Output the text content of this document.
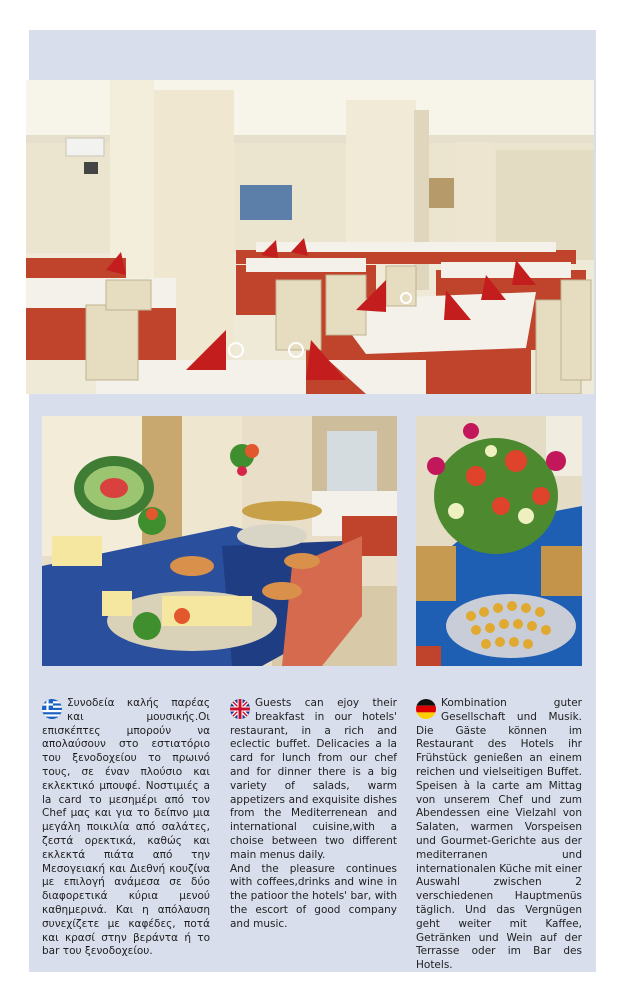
Συνοδεία καλής παρέας και μουσικής.Οι επισκέπτες μπορούν να απολαύσουν στο εστιατόριο του ξενοδοχείου το πρωινό τους, σε έναν πλούσιο και εκλεκτικό μπουφέ. Νοστιμιές a la card το μεσημέρι από τον Chef μας και για το δείπνο μια μεγάλη ποικιλία από σαλάτες, ζεστά ορεκτικά, καθώς και εκλεκτά πιάτα από την Μεσογειακή και Διεθνή κουζίνα με επιλογή ανάμεσα σε δύο διαφορετικά κύρια μενού καθημερινά. Και η απόλαυση συνεχίζετε με καφέδες, ποτά και κρασί στην βεράντα ή το bar του ξενοδοχείου.

Guests can ejoy their breakfast in our hotels' restaurant, in a rich and eclectic buffet. Delicacies a la card for lunch from our chef and for dinner there is a big variety of salads, warm appetizers and exquisite dishes from the Mediterrenean and international cuisine,with a choise between two different main menus daily.

And the pleasure continues with coffees,drinks and wine in the patioor the hotels' bar, with the escort of good company and music.

Kombination guter Gesellschaft und Musik. Die Gäste können im Restaurant des Hotels ihr Frühstück genießen an einem reichen und vielseitigen Buffet. Speisen à la carte am Mittag von unserem Chef und zum Abendessen eine Vielzahl von Salaten, warmen Vorspeisen und Gourmet-Gerichte aus der mediterranen und internationalen Küche mit einer Auswahl zwischen 2 verschiedenen Hauptmenüs täglich. Und das Vergnügen geht weiter mit Kaffee, Getränken und Wein auf der Terrasse oder im Bar des Hotels.
